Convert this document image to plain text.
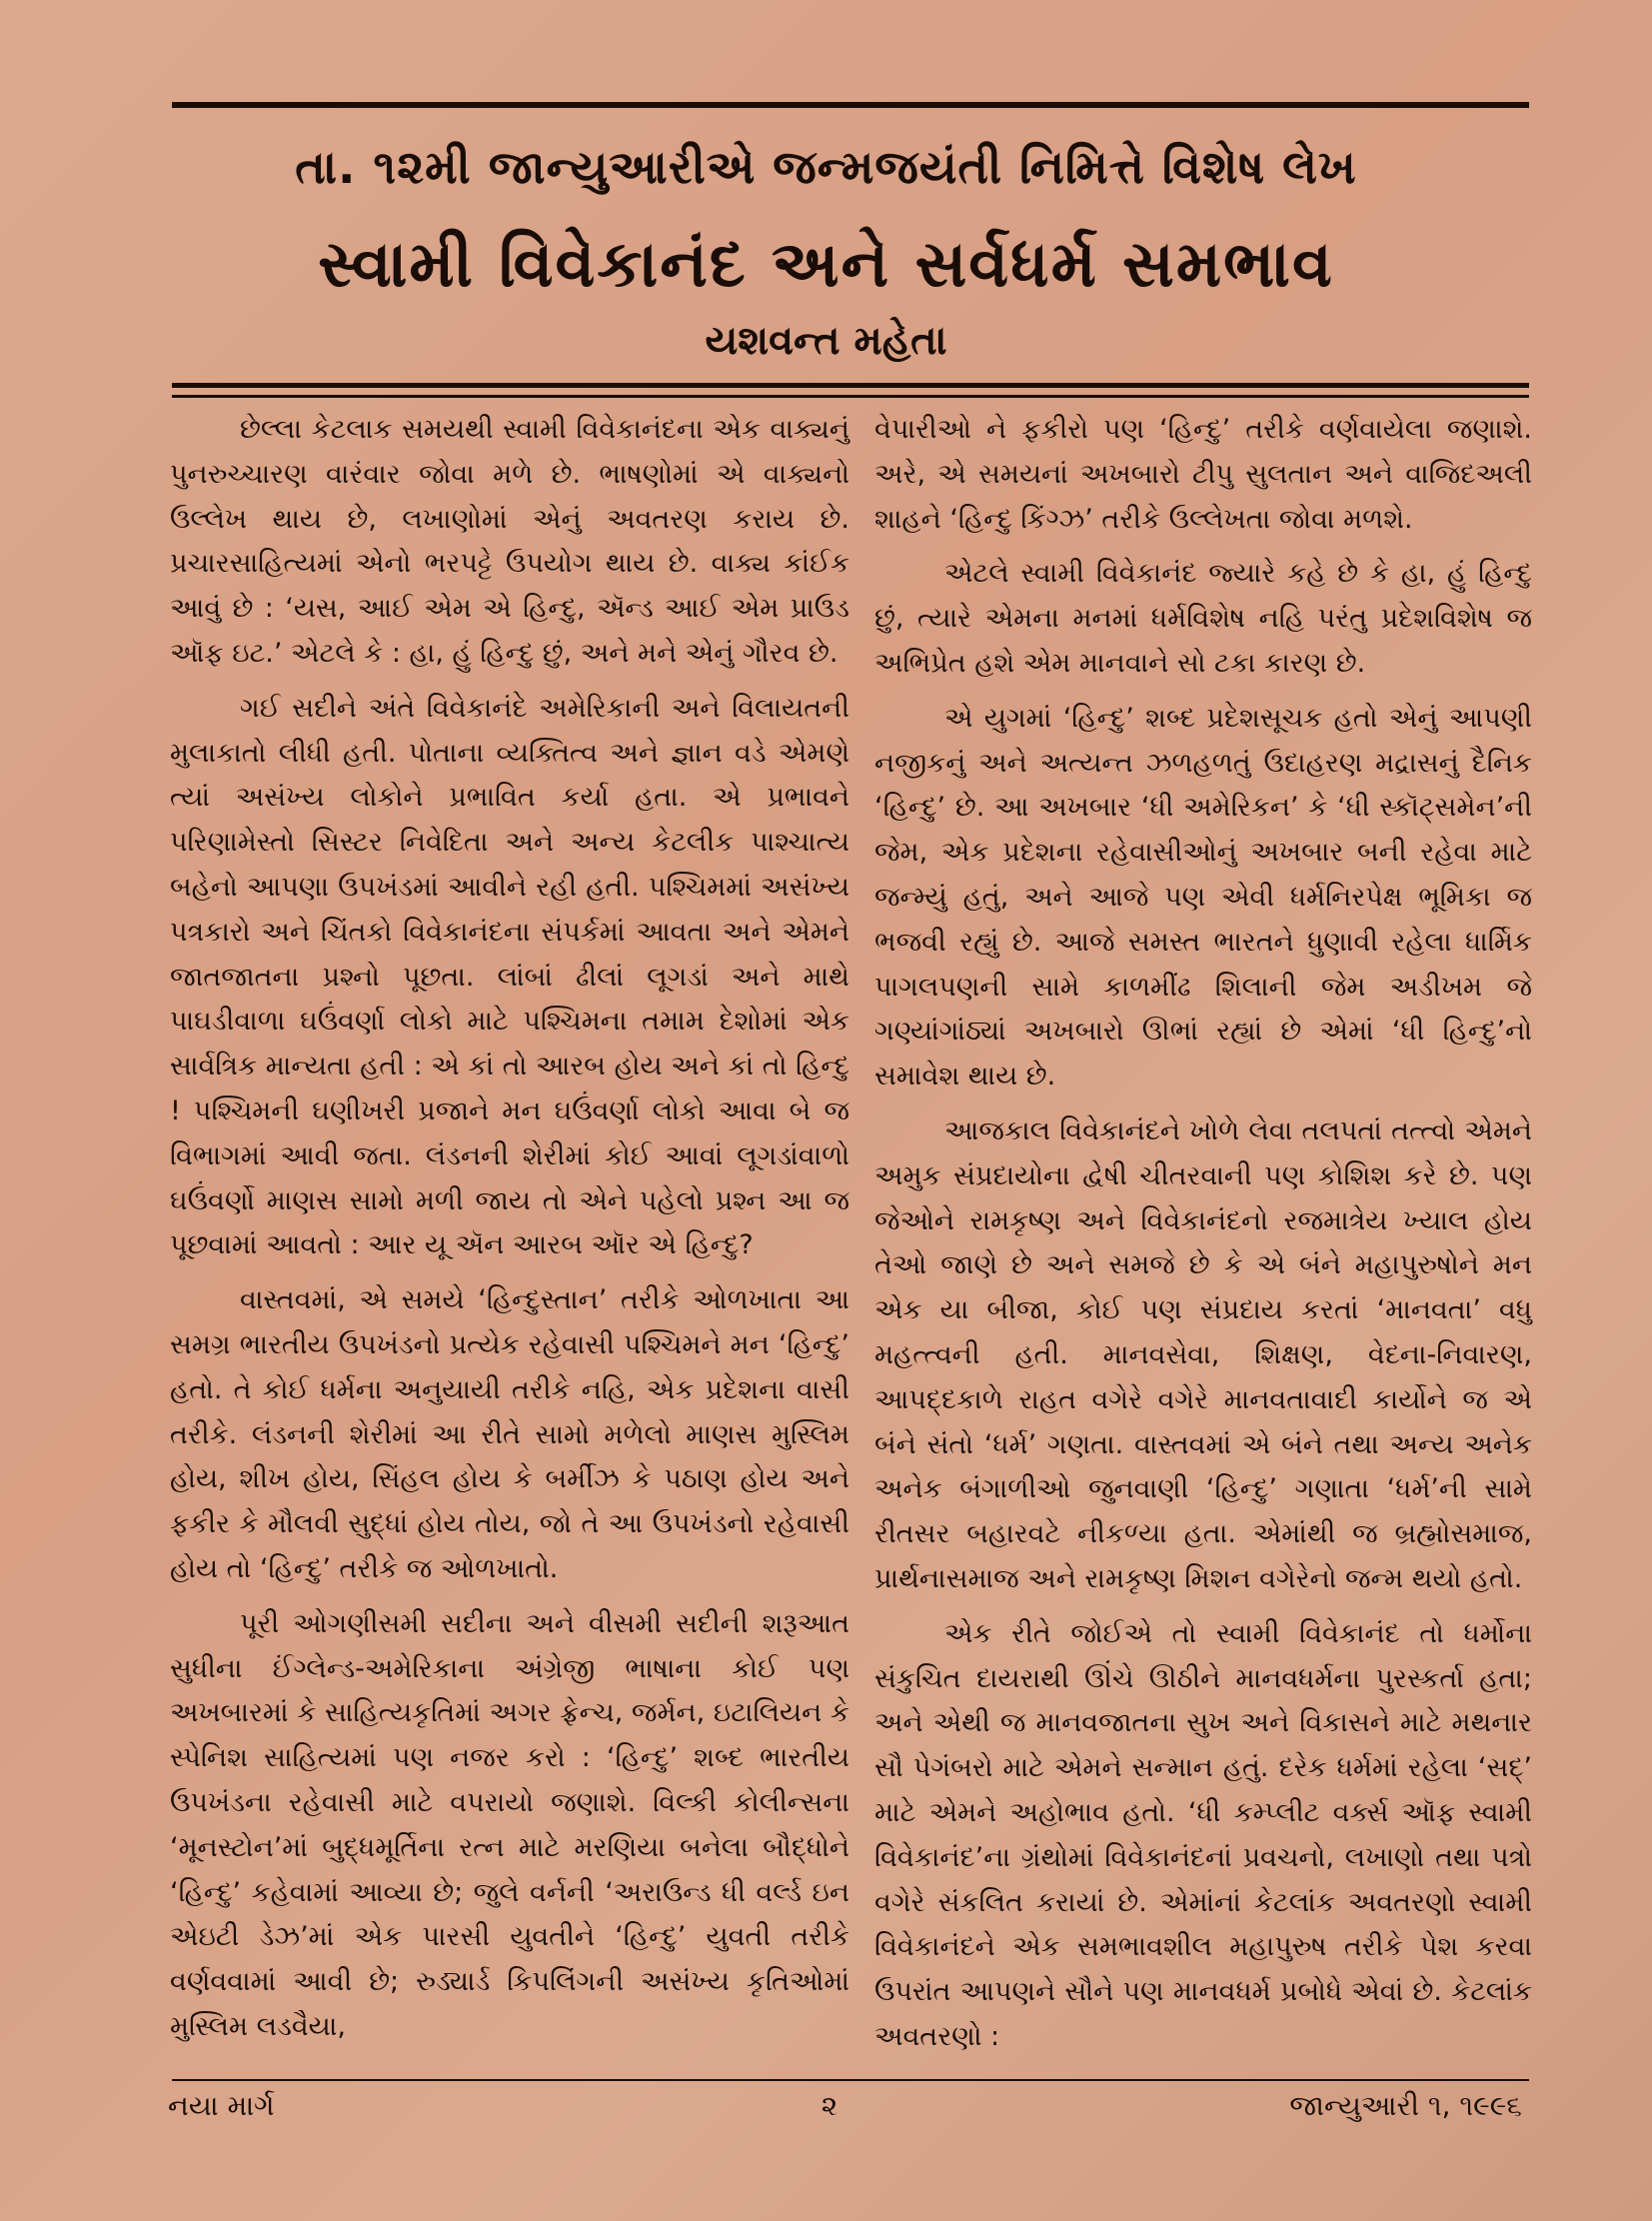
તા. ૧૨મી જાન્યુઆરીએ જન્મજયંતી નિમિત્તે વિશેષ લેખ
સ્વામી વિવેકાનંદ અને સર્વધર્મ સમભાવ
યશવન્ત મહેતા

છેલ્લા કેટલાક સમયથી સ્વામી વિવેકાનંદના એક વાક્યનું પુનરુચ્ચારણ વારંવાર જોવા મળે છે. ભાષણોમાં એ વાક્યનો ઉલ્લેખ થાય છે, લખાણોમાં એનું અવતરણ કરાય છે. પ્રચારસાહિત્યમાં એનો ભરપટ્ટે ઉપયોગ થાય છે. વાક્ય કાંઈક આવું છે : ‘યસ, આઈ એમ એ હિન્દુ, ઍન્ડ આઈ એમ પ્રાઉડ ઑફ ઇટ.’ એટલે કે : હા, હું હિન્દુ છું, અને મને એનું ગૌરવ છે.

ગઈ સદીને અંતે વિવેકાનંદે અમેરિકાની અને વિલાયતની મુલાકાતો લીધી હતી. પોતાના વ્યક્તિત્વ અને જ્ઞાન વડે એમણે ત્યાં અસંખ્ય લોકોને પ્રભાવિત કર્યા હતા. એ પ્રભાવને પરિણામેસ્તો સિસ્ટર નિવેદિતા અને અન્ય કેટલીક પાશ્ચાત્ય બહેનો આપણા ઉપખંડમાં આવીને રહી હતી. પશ્ચિમમાં અસંખ્ય પત્રકારો અને ચિંતકો વિવેકાનંદના સંપર્કમાં આવતા અને એમને જાતજાતના પ્રશ્નો પૂછતા. લાંબાં ઢીલાં લૂગડાં અને માથે પાઘડીવાળા ઘઉંવર્ણા લોકો માટે પશ્ચિમના તમામ દેશોમાં એક સાર્વત્રિક માન્યતા હતી : એ કાં તો આરબ હોય અને કાં તો હિન્દુ ! પશ્ચિમની ઘણીખરી પ્રજાને મન ઘઉંવર્ણા લોકો આવા બે જ વિભાગમાં આવી જતા. લંડનની શેરીમાં કોઈ આવાં લૂગડાંવાળો ઘઉંવર્ણો માણસ સામો મળી જાય તો એને પહેલો પ્રશ્ન આ જ પૂછવામાં આવતો : આર યૂ ઍન આરબ ઑર એ હિન્દુ?

વાસ્તવમાં, એ સમયે ‘હિન્દુસ્તાન’ તરીકે ઓળખાતા આ સમગ્ર ભારતીય ઉપખંડનો પ્રત્યેક રહેવાસી પશ્ચિમને મન ‘હિન્દુ’ હતો. તે કોઈ ધર્મના અનુયાયી તરીકે નહિ, એક પ્રદેશના વાસી તરીકે. લંડનની શેરીમાં આ રીતે સામો મળેલો માણસ મુસ્લિમ હોય, શીખ હોય, સિંહલ હોય કે બર્મીઝ કે પઠાણ હોય અને ફકીર કે મૌલવી સુદ્ધાં હોય તોય, જો તે આ ઉપખંડનો રહેવાસી હોય તો ‘હિન્દુ’ તરીકે જ ઓળખાતો.

પૂરી ઓગણીસમી સદીના અને વીસમી સદીની શરૂઆત સુધીના ઈંગ્લેન્ડ-અમેરિકાના અંગ્રેજી ભાષાના કોઈ પણ અખબારમાં કે સાહિત્યકૃતિમાં અગર ફ્રેન્ચ, જર્મન, ઇટાલિયન કે સ્પેનિશ સાહિત્યમાં પણ નજર કરો : ‘હિન્દુ’ શબ્દ ભારતીય ઉપખંડના રહેવાસી માટે વપરાયો જણાશે. વિલ્કી કોલીન્સના ‘મૂનસ્ટોન’માં બુદ્ધમૂર્તિના રત્ન માટે મરણિયા બનેલા બૌદ્ધોને ‘હિન્દુ’ કહેવામાં આવ્યા છે; જુલે વર્નની ‘અરાઉન્ડ ધી વર્લ્ડ ઇન એઇટી ડેઝ’માં એક પારસી યુવતીને ‘હિન્દુ’ યુવતી તરીકે વર્ણવવામાં આવી છે; રુડ્યાર્ડ કિપલિંગની અસંખ્ય કૃતિઓમાં મુસ્લિમ લડવૈયા,

વેપારીઓ ને ફકીરો પણ ‘હિન્દુ’ તરીકે વર્ણવાયેલા જણાશે. અરે, એ સમયનાં અખબારો ટીપુ સુલતાન અને વાજિદઅલી શાહને ‘હિન્દુ કિંગ્ઝ’ તરીકે ઉલ્લેખતા જોવા મળશે.

એટલે સ્વામી વિવેકાનંદ જ્યારે કહે છે કે હા, હું હિન્દુ છું, ત્યારે એમના મનમાં ધર્મવિશેષ નહિ પરંતુ પ્રદેશવિશેષ જ અભિપ્રેત હશે એમ માનવાને સો ટકા કારણ છે.

એ યુગમાં ‘હિન્દુ’ શબ્દ પ્રદેશસૂચક હતો એનું આપણી નજીકનું અને અત્યન્ત ઝળહળતું ઉદાહરણ મદ્રાસનું દૈનિક ‘હિન્દુ’ છે. આ અખબાર ‘ધી અમેરિકન’ કે ‘ધી સ્કૉટ્સમેન’ની જેમ, એક પ્રદેશના રહેવાસીઓનું અખબાર બની રહેવા માટે જન્મ્યું હતું, અને આજે પણ એવી ધર્મનિરપેક્ષ ભૂમિકા જ ભજવી રહ્યું છે. આજે સમસ્ત ભારતને ધુણાવી રહેલા ધાર્મિક પાગલપણની સામે કાળમીંઢ શિલાની જેમ અડીખમ જે ગણ્યાંગાંઠ્યાં અખબારો ઊભાં રહ્યાં છે એમાં ‘ધી હિન્દુ’નો સમાવેશ થાય છે.

આજકાલ વિવેકાનંદને ખોળે લેવા તલપતાં તત્ત્વો એમને અમુક સંપ્રદાયોના દ્વેષી ચીતરવાની પણ કોશિશ કરે છે. પણ જેઓને રામકૃષ્ણ અને વિવેકાનંદનો રજમાત્રેય ખ્યાલ હોય તેઓ જાણે છે અને સમજે છે કે એ બંને મહાપુરુષોને મન એક યા બીજા, કોઈ પણ સંપ્રદાય કરતાં ‘માનવતા’ વધુ મહત્ત્વની હતી. માનવસેવા, શિક્ષણ, વેદના-નિવારણ, આપદ્દકાળે રાહત વગેરે વગેરે માનવતાવાદી કાર્યોને જ એ બંને સંતો ‘ધર્મ’ ગણતા. વાસ્તવમાં એ બંને તથા અન્ય અનેક અનેક બંગાળીઓ જુનવાણી ‘હિન્દુ’ ગણાતા ‘ધર્મ’ની સામે રીતસર બહારવટે નીકળ્યા હતા. એમાંથી જ બ્રહ્મોસમાજ, પ્રાર્થનાસમાજ અને રામકૃષ્ણ મિશન વગેરેનો જન્મ થયો હતો.

એક રીતે જોઈએ તો સ્વામી વિવેકાનંદ તો ધર્મોના સંકુચિત દાયરાથી ઊંચે ઊઠીને માનવધર્મના પુરસ્કર્તા હતા; અને એથી જ માનવજાતના સુખ અને વિકાસને માટે મથનાર સૌ પેગંબરો માટે એમને સન્માન હતું. દરેક ધર્મમાં રહેલા ‘સદ્’ માટે એમને અહોભાવ હતો. ‘ધી કમ્પ્લીટ વર્ક્સ ઑફ સ્વામી વિવેકાનંદ’ના ગ્રંથોમાં વિવેકાનંદનાં પ્રવચનો, લખાણો તથા પત્રો વગેરે સંકલિત કરાયાં છે. એમાંનાં કેટલાંક અવતરણો સ્વામી વિવેકાનંદને એક સમભાવશીલ મહાપુરુષ તરીકે પેશ કરવા ઉપરાંત આપણને સૌને પણ માનવધર્મ પ્રબોધે એવાં છે. કેટલાંક અવતરણો :

નયા માર્ગ	૨	જાન્યુઆરી ૧, ૧૯૯૬
